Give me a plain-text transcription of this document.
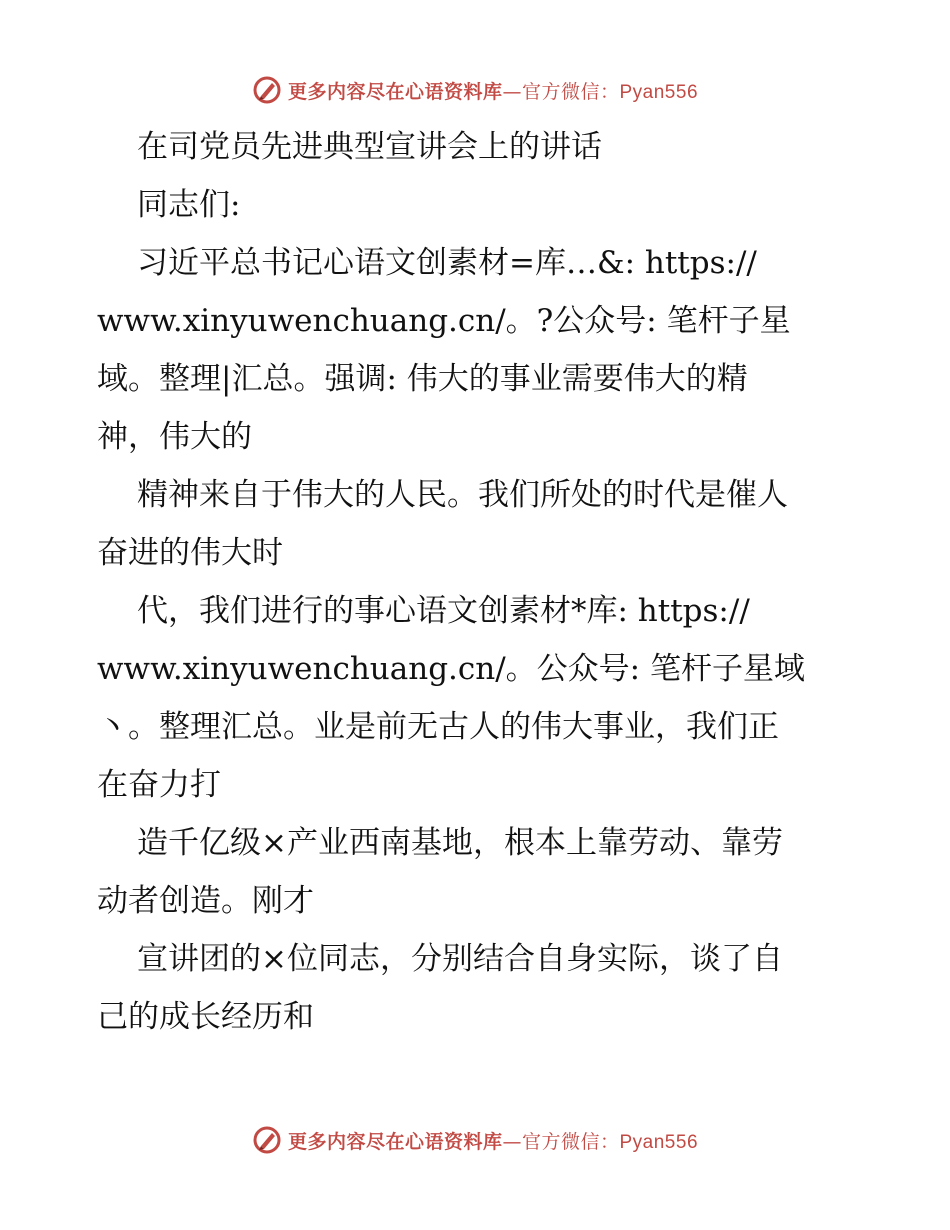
更多内容尽在心语资料库—官方微信：Pyan556
在司党员先进典型宣讲会上的讲话
同志们:
习近平总书记心语文创素材=库…&: https://
www.xinyuwenchuang.cn/。?公众号: 笔杆子星
域。整理|汇总。强调: 伟大的事业需要伟大的精
神，伟大的
精神来自于伟大的人民。我们所处的时代是催人
奋进的伟大时
代，我们进行的事心语文创素材*库: https://
www.xinyuwenchuang.cn/。公众号: 笔杆子星域
丶。整理汇总。业是前无古人的伟大事业，我们正
在奋力打
造千亿级×产业西南基地，根本上靠劳动、靠劳
动者创造。刚才
宣讲团的×位同志，分别结合自身实际，谈了自
己的成长经历和
更多内容尽在心语资料库—官方微信：Pyan556
